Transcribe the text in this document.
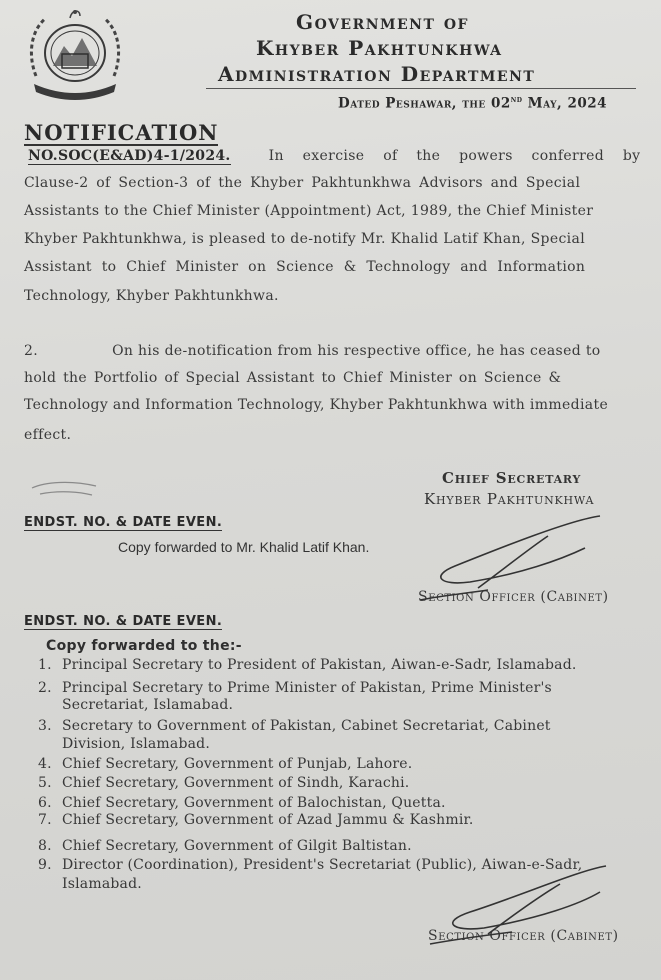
Government of
Khyber Pakhtunkhwa
Administration Department
Dated Peshawar, the 02nd May, 2024
NOTIFICATION
NO.SOC(E&AD)4-1/2024.	In exercise of the powers conferred by
Clause-2 of Section-3 of the Khyber Pakhtunkhwa Advisors and Special
Assistants to the Chief Minister (Appointment) Act, 1989, the Chief Minister
Khyber Pakhtunkhwa, is pleased to de-notify Mr. Khalid Latif Khan, Special
Assistant to Chief Minister on Science & Technology and Information
Technology, Khyber Pakhtunkhwa.
2.	On his de-notification from his respective office, he has ceased to
hold the Portfolio of Special Assistant to Chief Minister on Science &
Technology and Information Technology, Khyber Pakhtunkhwa with immediate
effect.
Chief Secretary
Khyber Pakhtunkhwa
ENDST. NO. & DATE EVEN.
Copy forwarded to Mr. Khalid Latif Khan.
Section Officer (Cabinet)
ENDST. NO. & DATE EVEN.
Copy forwarded to the:-
1. Principal Secretary to President of Pakistan, Aiwan-e-Sadr, Islamabad.
2. Principal Secretary to Prime Minister of Pakistan, Prime Minister's
Secretariat, Islamabad.
3. Secretary to Government of Pakistan, Cabinet Secretariat, Cabinet
Division, Islamabad.
4. Chief Secretary, Government of Punjab, Lahore.
5. Chief Secretary, Government of Sindh, Karachi.
6. Chief Secretary, Government of Balochistan, Quetta.
7. Chief Secretary, Government of Azad Jammu & Kashmir.
8. Chief Secretary, Government of Gilgit Baltistan.
9. Director (Coordination), President's Secretariat (Public), Aiwan-e-Sadr,
Islamabad.
Section Officer (Cabinet)
